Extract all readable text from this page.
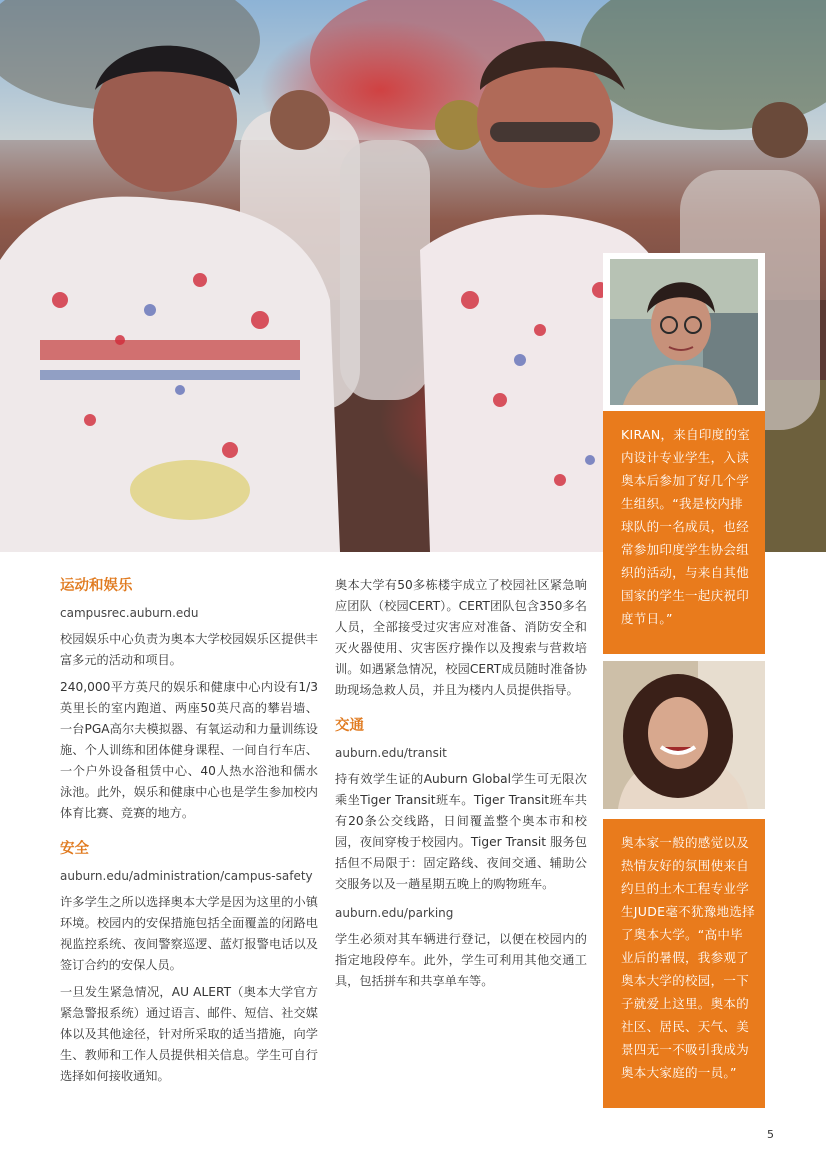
KIRAN，来自印度的室内设计专业学生，入读奥本后参加了好几个学生组织。“我是校内排球队的一名成员，也经常参加印度学生协会组织的活动，与来自其他国家的学生一起庆祝印度节日。”
奥本家一般的感觉以及热情友好的氛围使来自约旦的土木工程专业学生JUDE毫不犹豫地选择了奥本大学。“高中毕业后的暑假，我参观了奥本大学的校园，一下子就爱上这里。奥本的社区、居民、天气、美景四无一不吸引我成为奥本大家庭的一员。”
运动和娱乐
campusrec.auburn.edu

校园娱乐中心负责为奥本大学校园娱乐区提供丰富多元的活动和项目。

240,000平方英尺的娱乐和健康中心内设有1/3英里长的室内跑道、两座50英尺高的攀岩墙、一台PGA高尔夫模拟器、有氧运动和力量训练设施、个人训练和团体健身课程、一间自行车店、一个户外设备租赁中心、40人热水浴池和儒水泳池。此外，娱乐和健康中心也是学生参加校内体育比赛、竞赛的地方。

安全
auburn.edu/administration/campus-safety

许多学生之所以选择奥本大学是因为这里的小镇环境。校园内的安保措施包括全面覆盖的闭路电视监控系统、夜间警察巡逻、蓝灯报警电话以及签订合约的安保人员。

一旦发生紧急情况，AU ALERT（奥本大学官方紧急警报系统）通过语言、邮件、短信、社交媒体以及其他途径，针对所采取的适当措施，向学生、教师和工作人员提供相关信息。学生可自行选择如何接收通知。

奥本大学有50多栋楼宇成立了校园社区紧急响应团队（校园CERT）。CERT团队包含350多名人员，全部接受过灾害应对准备、消防安全和灭火器使用、灾害医疗操作以及搜索与营救培训。如遇紧急情况，校园CERT成员随时准备协助现场急救人员，并且为楼内人员提供指导。

交通
auburn.edu/transit

持有效学生证的Auburn Global学生可无限次乘坐Tiger Transit班车。Tiger Transit班车共有20条公交线路，日间覆盖整个奥本市和校园，夜间穿梭于校园内。Tiger Transit 服务包括但不局限于：固定路线、夜间交通、辅助公交服务以及一趟星期五晚上的购物班车。

auburn.edu/parking

学生必须对其车辆进行登记，以便在校园内的指定地段停车。此外，学生可利用其他交通工具，包括拼车和共享单车等。

5
